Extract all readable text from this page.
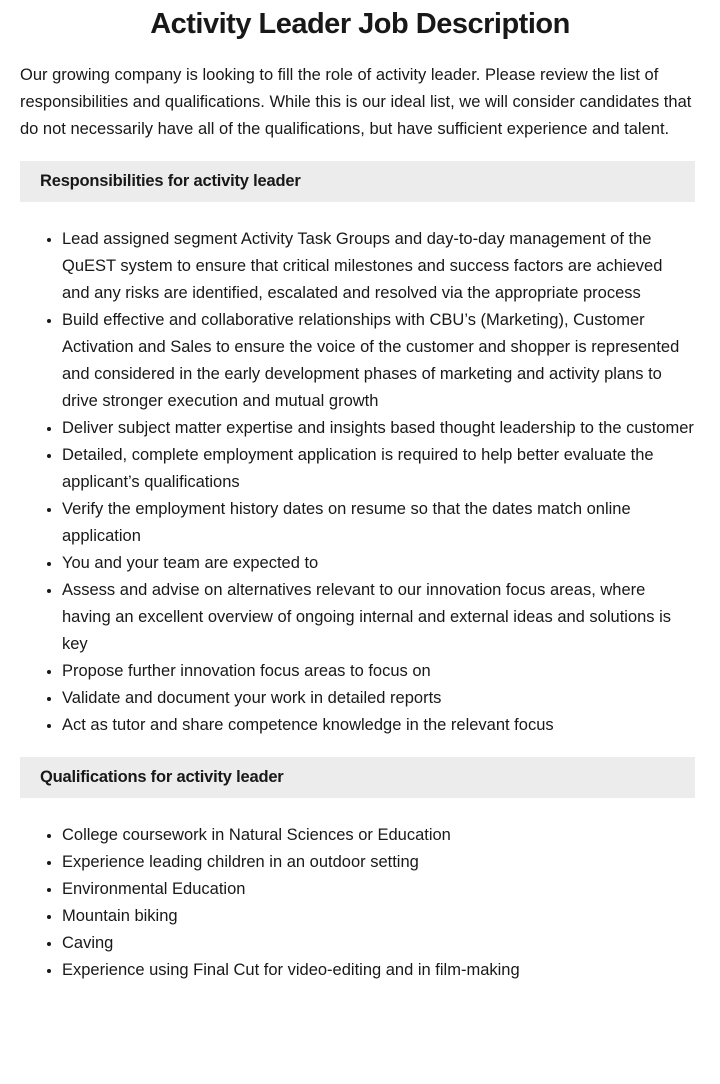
Activity Leader Job Description

Our growing company is looking to fill the role of activity leader. Please review the list of responsibilities and qualifications. While this is our ideal list, we will consider candidates that do not necessarily have all of the qualifications, but have sufficient experience and talent.

Responsibilities for activity leader
• Lead assigned segment Activity Task Groups and day-to-day management of the QuEST system to ensure that critical milestones and success factors are achieved and any risks are identified, escalated and resolved via the appropriate process
• Build effective and collaborative relationships with CBU’s (Marketing), Customer Activation and Sales to ensure the voice of the customer and shopper is represented and considered in the early development phases of marketing and activity plans to drive stronger execution and mutual growth
• Deliver subject matter expertise and insights based thought leadership to the customer
• Detailed, complete employment application is required to help better evaluate the applicant’s qualifications
• Verify the employment history dates on resume so that the dates match online application
• You and your team are expected to
• Assess and advise on alternatives relevant to our innovation focus areas, where having an excellent overview of ongoing internal and external ideas and solutions is key
• Propose further innovation focus areas to focus on
• Validate and document your work in detailed reports
• Act as tutor and share competence knowledge in the relevant focus
Qualifications for activity leader
• College coursework in Natural Sciences or Education
• Experience leading children in an outdoor setting
• Environmental Education
• Mountain biking
• Caving
• Experience using Final Cut for video-editing and in film-making
